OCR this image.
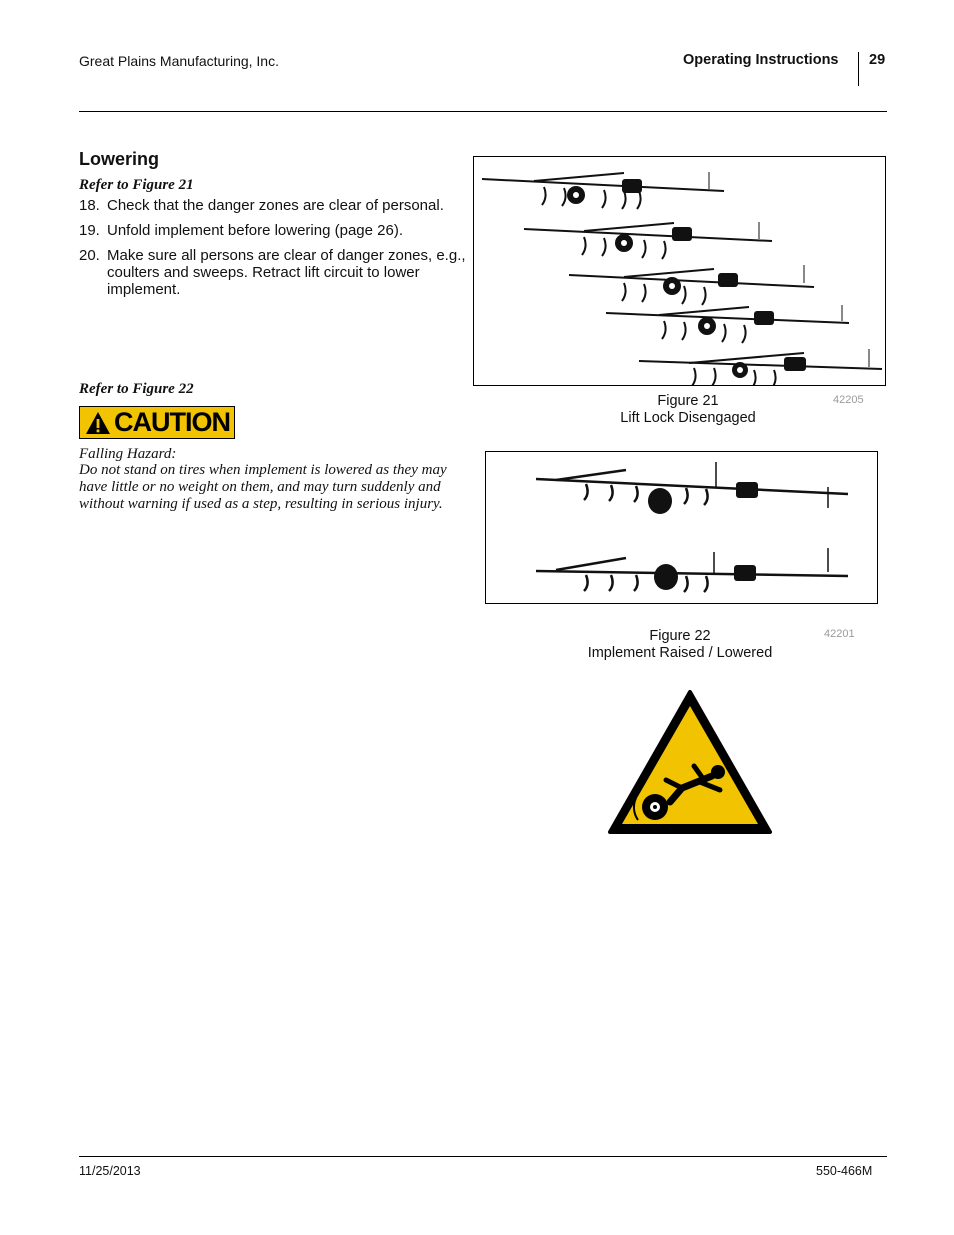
Great Plains Manufacturing, Inc.	Operating Instructions 29
Lowering
Refer to Figure 21
18. Check that the danger zones are clear of personal.
19. Unfold implement before lowering (page 26).
20. Make sure all persons are clear of danger zones, e.g., coulters and sweeps. Retract lift circuit to lower implement.
Refer to Figure 22
CAUTION
Falling Hazard:
Do not stand on tires when implement is lowered as they may have little or no weight on them, and may turn suddenly and without warning if used as a step, resulting in serious injury.
Figure 21
Lift Lock Disengaged
42205
Figure 22
Implement Raised / Lowered
42201
11/25/2013	550-466M
